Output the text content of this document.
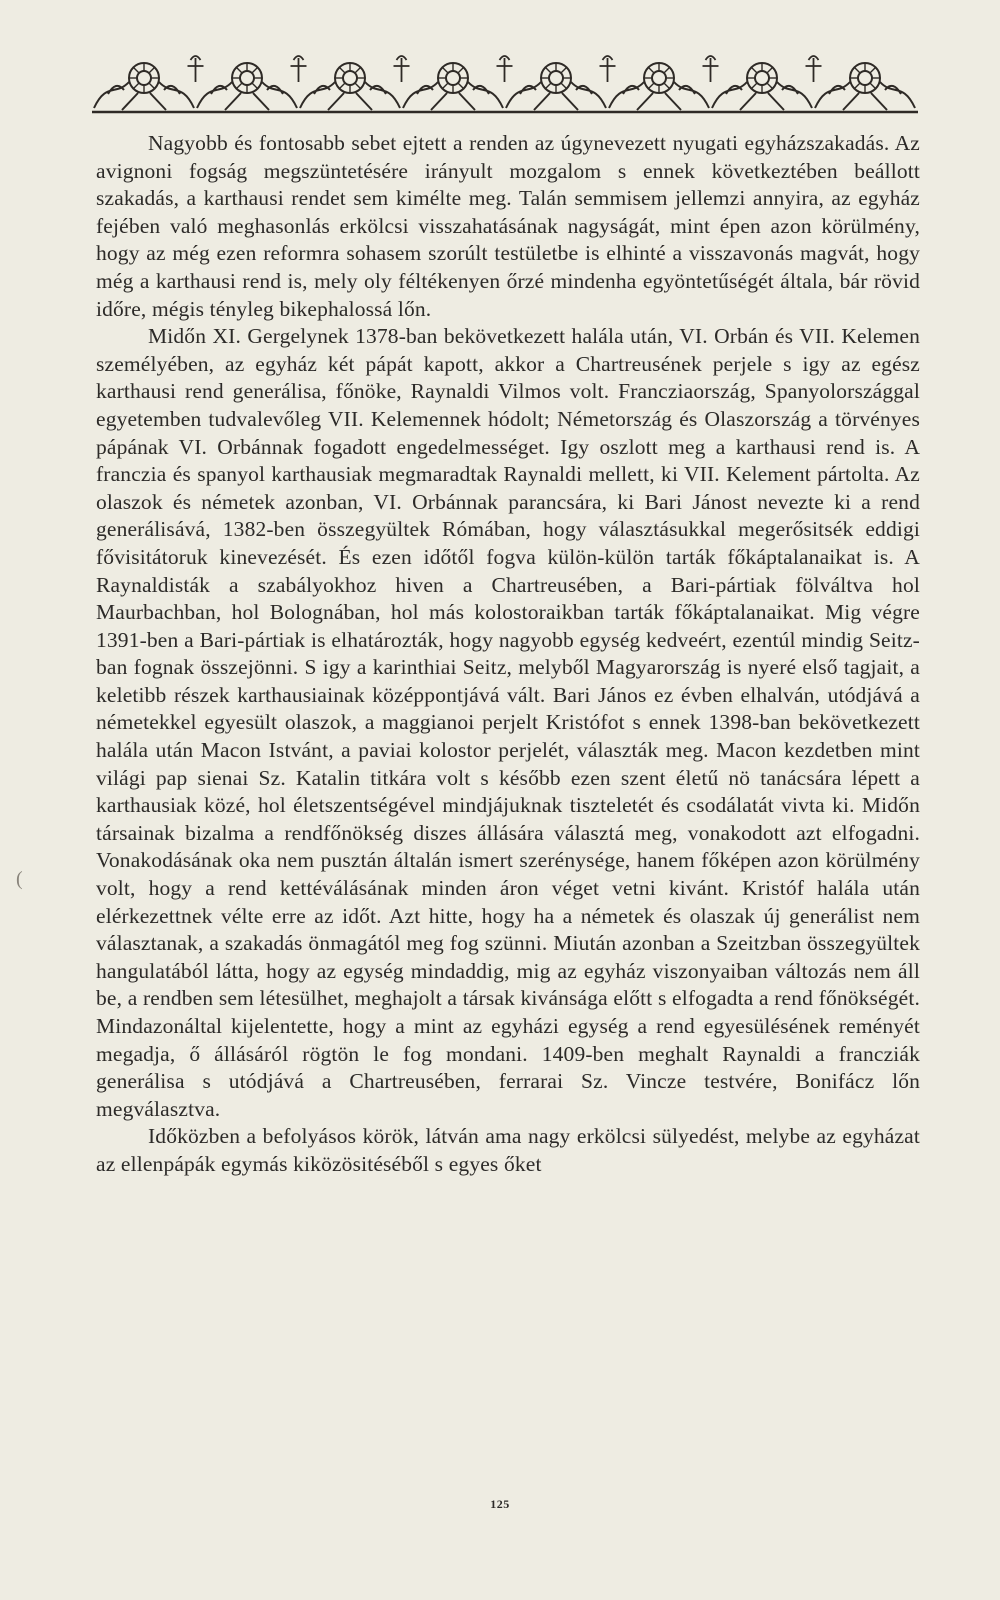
(

Nagyobb és fontosabb sebet ejtett a renden az úgynevezett nyugati egyházszakadás. Az avignoni fogság megszüntetésére irányult mozgalom s ennek következtében beállott szakadás, a karthausi rendet sem kimélte meg. Talán semmisem jellemzi annyira, az egyház fejében való meghasonlás erkölcsi visszahatásának nagyságát, mint épen azon körülmény, hogy az még ezen reformra sohasem szorúlt testületbe is elhinté a visszavonás magvát, hogy még a karthausi rend is, mely oly féltékenyen őrzé mindenha egyöntetűségét általa, bár rövid időre, mégis tényleg bikephalossá lőn.

Midőn XI. Gergelynek 1378-ban bekövetkezett halála után, VI. Orbán és VII. Kelemen személyében, az egyház két pápát kapott, akkor a Chartreusének perjele s igy az egész karthausi rend generálisa, főnöke, Raynaldi Vilmos volt. Francziaország, Spanyolországgal egyetemben tudvalevőleg VII. Kelemennek hódolt; Németország és Olaszország a törvényes pápának VI. Orbánnak fogadott engedelmességet. Igy oszlott meg a karthausi rend is. A franczia és spanyol karthausiak megmaradtak Raynaldi mellett, ki VII. Kelement pártolta. Az olaszok és németek azonban, VI. Orbánnak parancsára, ki Bari Jánost nevezte ki a rend generálisává, 1382-ben összegyültek Rómában, hogy választásukkal megerősitsék eddigi fővisitátoruk kinevezését. És ezen időtől fogva külön-külön tarták főkáptalanaikat is. A Raynaldisták a szabályokhoz hiven a Chartreusében, a Bari-pártiak fölváltva hol Maurbachban, hol Bolognában, hol más kolostoraikban tarták főkáptalanaikat. Mig végre 1391-ben a Bari-pártiak is elhatározták, hogy nagyobb egység kedveért, ezentúl mindig Seitz-ban fognak összejönni. S igy a karinthiai Seitz, melyből Magyarország is nyeré első tagjait, a keletibb részek karthausiainak középpontjává vált. Bari János ez évben elhalván, utódjává a németekkel egyesült olaszok, a maggianoi perjelt Kristófot s ennek 1398-ban bekövetkezett halála után Macon Istvánt, a paviai kolostor perjelét, választák meg. Macon kezdetben mint világi pap sienai Sz. Katalin titkára volt s később ezen szent életű nö tanácsára lépett a karthausiak közé, hol életszentségével mindjájuknak tiszteletét és csodálatát vivta ki. Midőn társainak bizalma a rendfőnökség diszes állására választá meg, vonakodott azt elfogadni. Vonakodásának oka nem pusztán általán ismert szerénysége, hanem főképen azon körülmény volt, hogy a rend kettéválásának minden áron véget vetni kivánt. Kristóf halála után elérkezettnek vélte erre az időt. Azt hitte, hogy ha a németek és olaszak új generálist nem választanak, a szakadás önmagától meg fog szünni. Miután azonban a Szeitzban összegyültek hangulatából látta, hogy az egység mindaddig, mig az egyház viszonyaiban változás nem áll be, a rendben sem létesülhet, meghajolt a társak kivánsága előtt s elfogadta a rend főnökségét. Mindazonáltal kijelentette, hogy a mint az egyházi egység a rend egyesülésének reményét megadja, ő állásáról rögtön le fog mondani. 1409-ben meghalt Raynaldi a francziák generálisa s utódjává a Chartreusében, ferrarai Sz. Vincze testvére, Bonifácz lőn megválasztva.

Időközben a befolyásos körök, látván ama nagy erkölcsi sülyedést, melybe az egyházat az ellenpápák egymás kiközösitéséből s egyes őket

125
